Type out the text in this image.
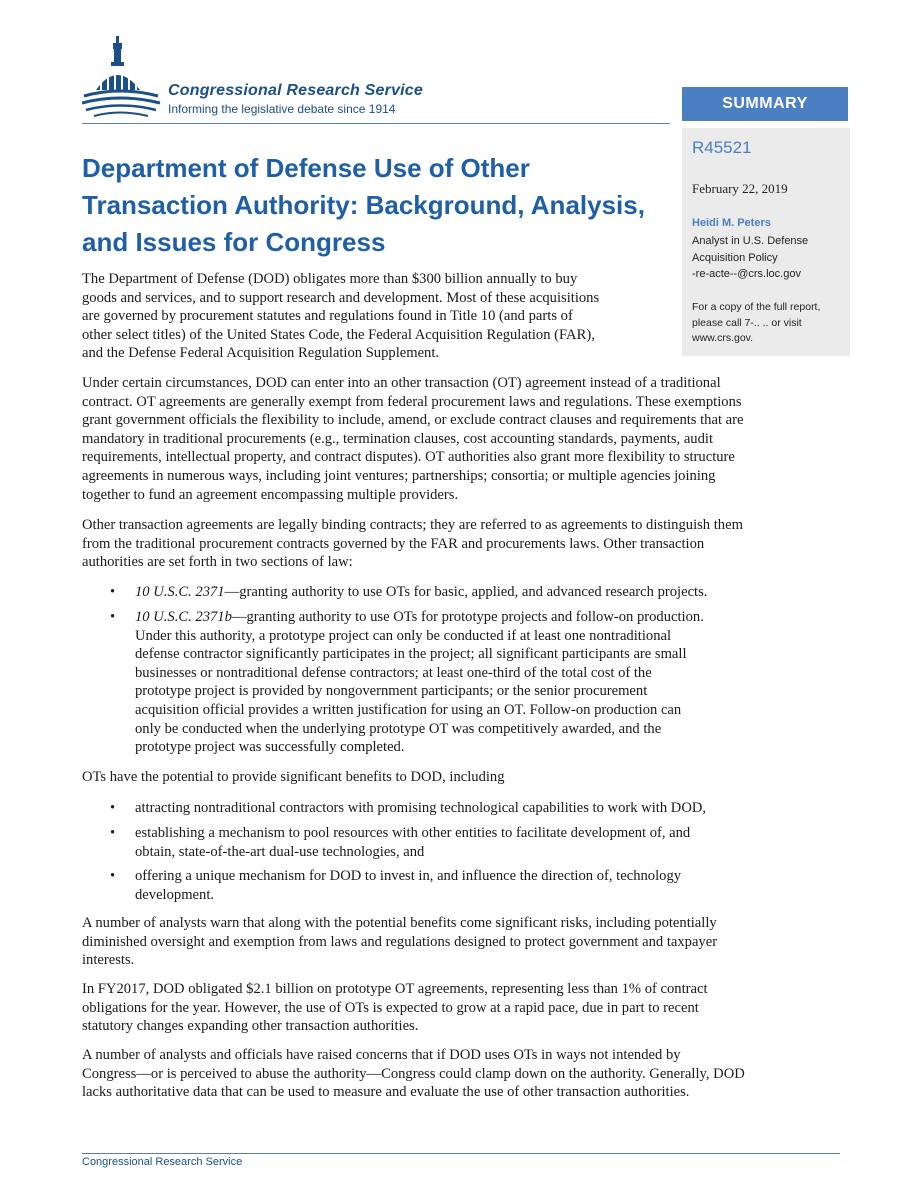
Congressional Research Service
Informing the legislative debate since 1914	SUMMARY
R45521
February 22, 2019
Heidi M. Peters
Analyst in U.S. Defense
Acquisition Policy
-re-acte--@crs.loc.gov
For a copy of the full report,
please call 7-.. .. or visit
www.crs.gov.
Department of Defense Use of Other
Transaction Authority: Background, Analysis,
and Issues for Congress
The Department of Defense (DOD) obligates more than $300 billion annually to buy
goods and services, and to support research and development. Most of these acquisitions
are governed by procurement statutes and regulations found in Title 10 (and parts of
other select titles) of the United States Code, the Federal Acquisition Regulation (FAR),
and the Defense Federal Acquisition Regulation Supplement.
Under certain circumstances, DOD can enter into an other transaction (OT) agreement instead of a traditional
contract. OT agreements are generally exempt from federal procurement laws and regulations. These exemptions
grant government officials the flexibility to include, amend, or exclude contract clauses and requirements that are
mandatory in traditional procurements (e.g., termination clauses, cost accounting standards, payments, audit
requirements, intellectual property, and contract disputes). OT authorities also grant more flexibility to structure
agreements in numerous ways, including joint ventures; partnerships; consortia; or multiple agencies joining
together to fund an agreement encompassing multiple providers.
Other transaction agreements are legally binding contracts; they are referred to as agreements to distinguish them
from the traditional procurement contracts governed by the FAR and procurements laws. Other transaction
authorities are set forth in two sections of law:
• 10 U.S.C. 2371—granting authority to use OTs for basic, applied, and advanced research projects.
• 10 U.S.C. 2371b—granting authority to use OTs for prototype projects and follow-on production.
Under this authority, a prototype project can only be conducted if at least one nontraditional
defense contractor significantly participates in the project; all significant participants are small
businesses or nontraditional defense contractors; at least one-third of the total cost of the
prototype project is provided by nongovernment participants; or the senior procurement
acquisition official provides a written justification for using an OT. Follow-on production can
only be conducted when the underlying prototype OT was competitively awarded, and the
prototype project was successfully completed.
OTs have the potential to provide significant benefits to DOD, including
• attracting nontraditional contractors with promising technological capabilities to work with DOD,
• establishing a mechanism to pool resources with other entities to facilitate development of, and
obtain, state-of-the-art dual-use technologies, and
• offering a unique mechanism for DOD to invest in, and influence the direction of, technology
development.
A number of analysts warn that along with the potential benefits come significant risks, including potentially
diminished oversight and exemption from laws and regulations designed to protect government and taxpayer
interests.
In FY2017, DOD obligated $2.1 billion on prototype OT agreements, representing less than 1% of contract
obligations for the year. However, the use of OTs is expected to grow at a rapid pace, due in part to recent
statutory changes expanding other transaction authorities.
A number of analysts and officials have raised concerns that if DOD uses OTs in ways not intended by
Congress—or is perceived to abuse the authority—Congress could clamp down on the authority. Generally, DOD
lacks authoritative data that can be used to measure and evaluate the use of other transaction authorities.
Congressional Research Service
